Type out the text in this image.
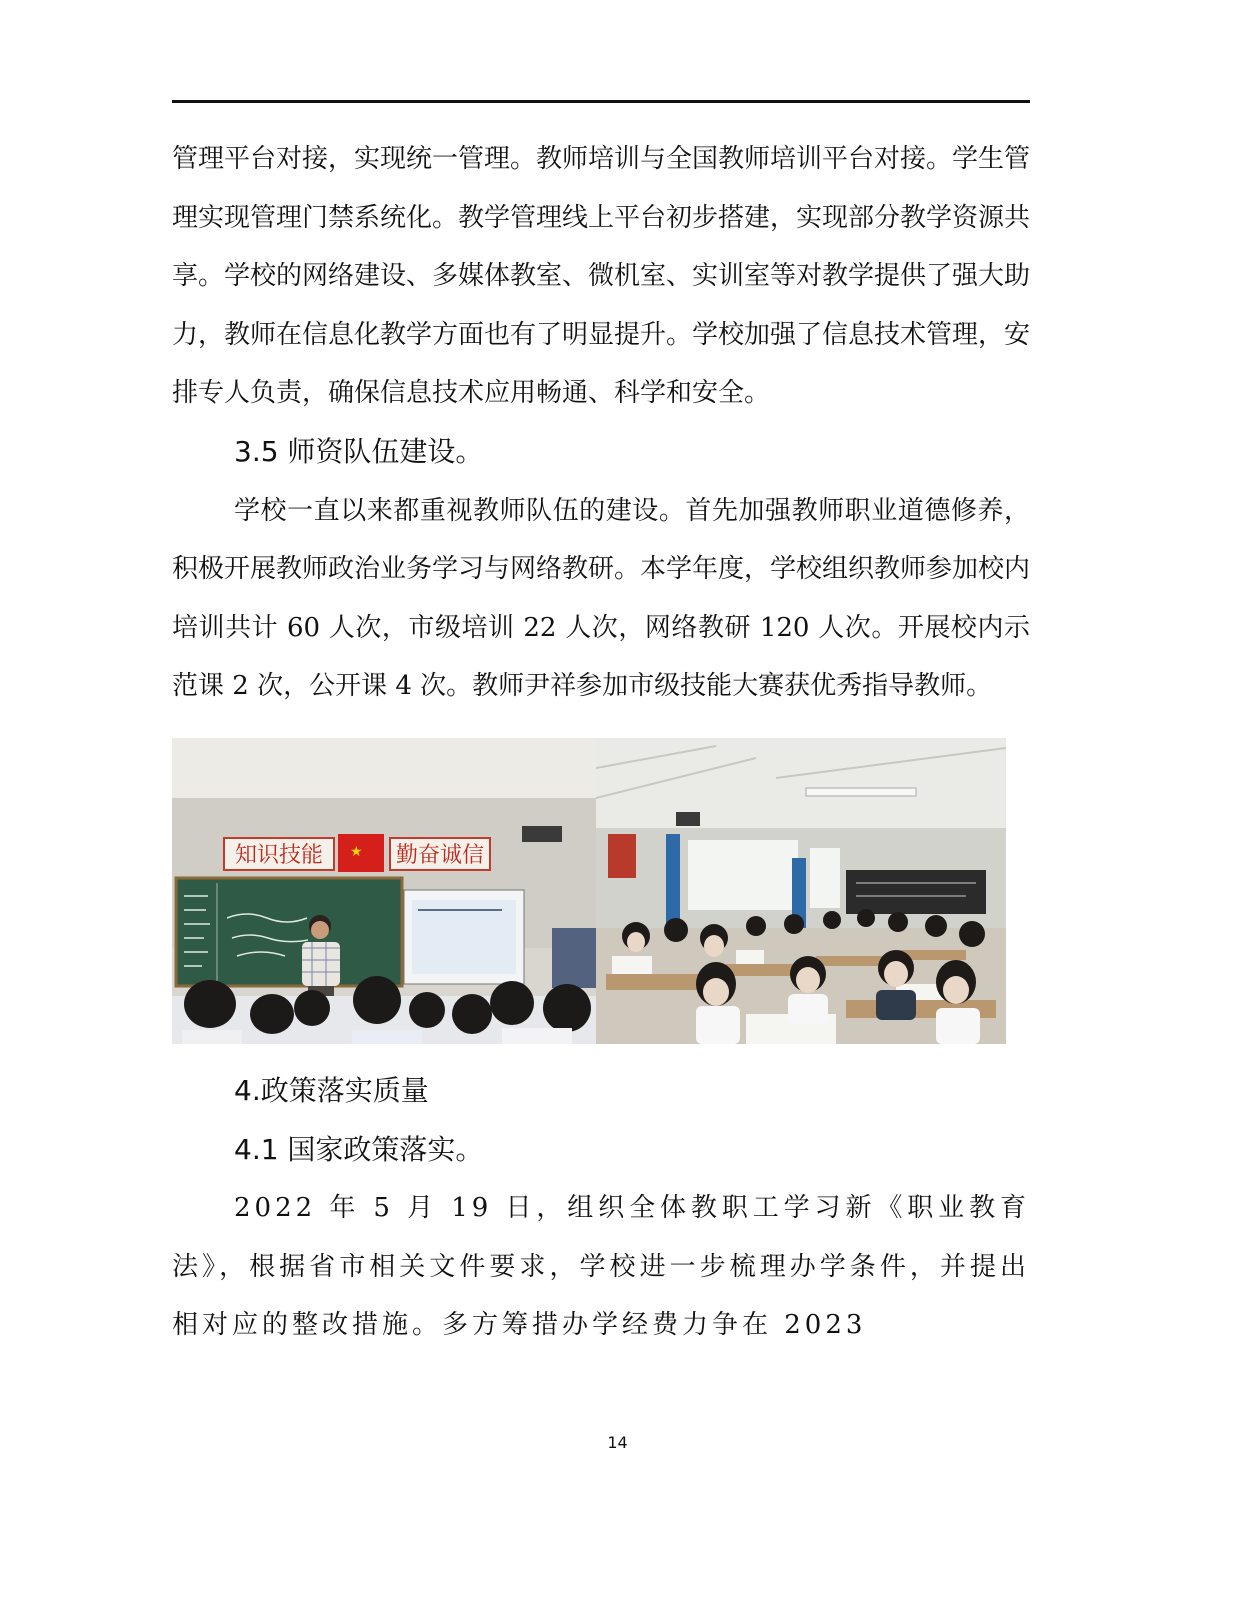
管理平台对接，实现统一管理。教师培训与全国教师培训平台对接。学生管理实现管理门禁系统化。教学管理线上平台初步搭建，实现部分教学资源共享。学校的网络建设、多媒体教室、微机室、实训室等对教学提供了强大助力，教师在信息化教学方面也有了明显提升。学校加强了信息技术管理，安排专人负责，确保信息技术应用畅通、科学和安全。

3.5 师资队伍建设。

学校一直以来都重视教师队伍的建设。首先加强教师职业道德修养，积极开展教师政治业务学习与网络教研。本学年度，学校组织教师参加校内培训共计 60 人次，市级培训 22 人次，网络教研 120 人次。开展校内示范课 2 次，公开课 4 次。教师尹祥参加市级技能大赛获优秀指导教师。

知识技能 ★ 勤奋诚信

4.政策落实质量

4.1 国家政策落实。

2022 年 5 月 19 日，组织全体教职工学习新《职业教育法》，根据省市相关文件要求，学校进一步梳理办学条件，并提出相对应的整改措施。多方筹措办学经费力争在 2023

14
